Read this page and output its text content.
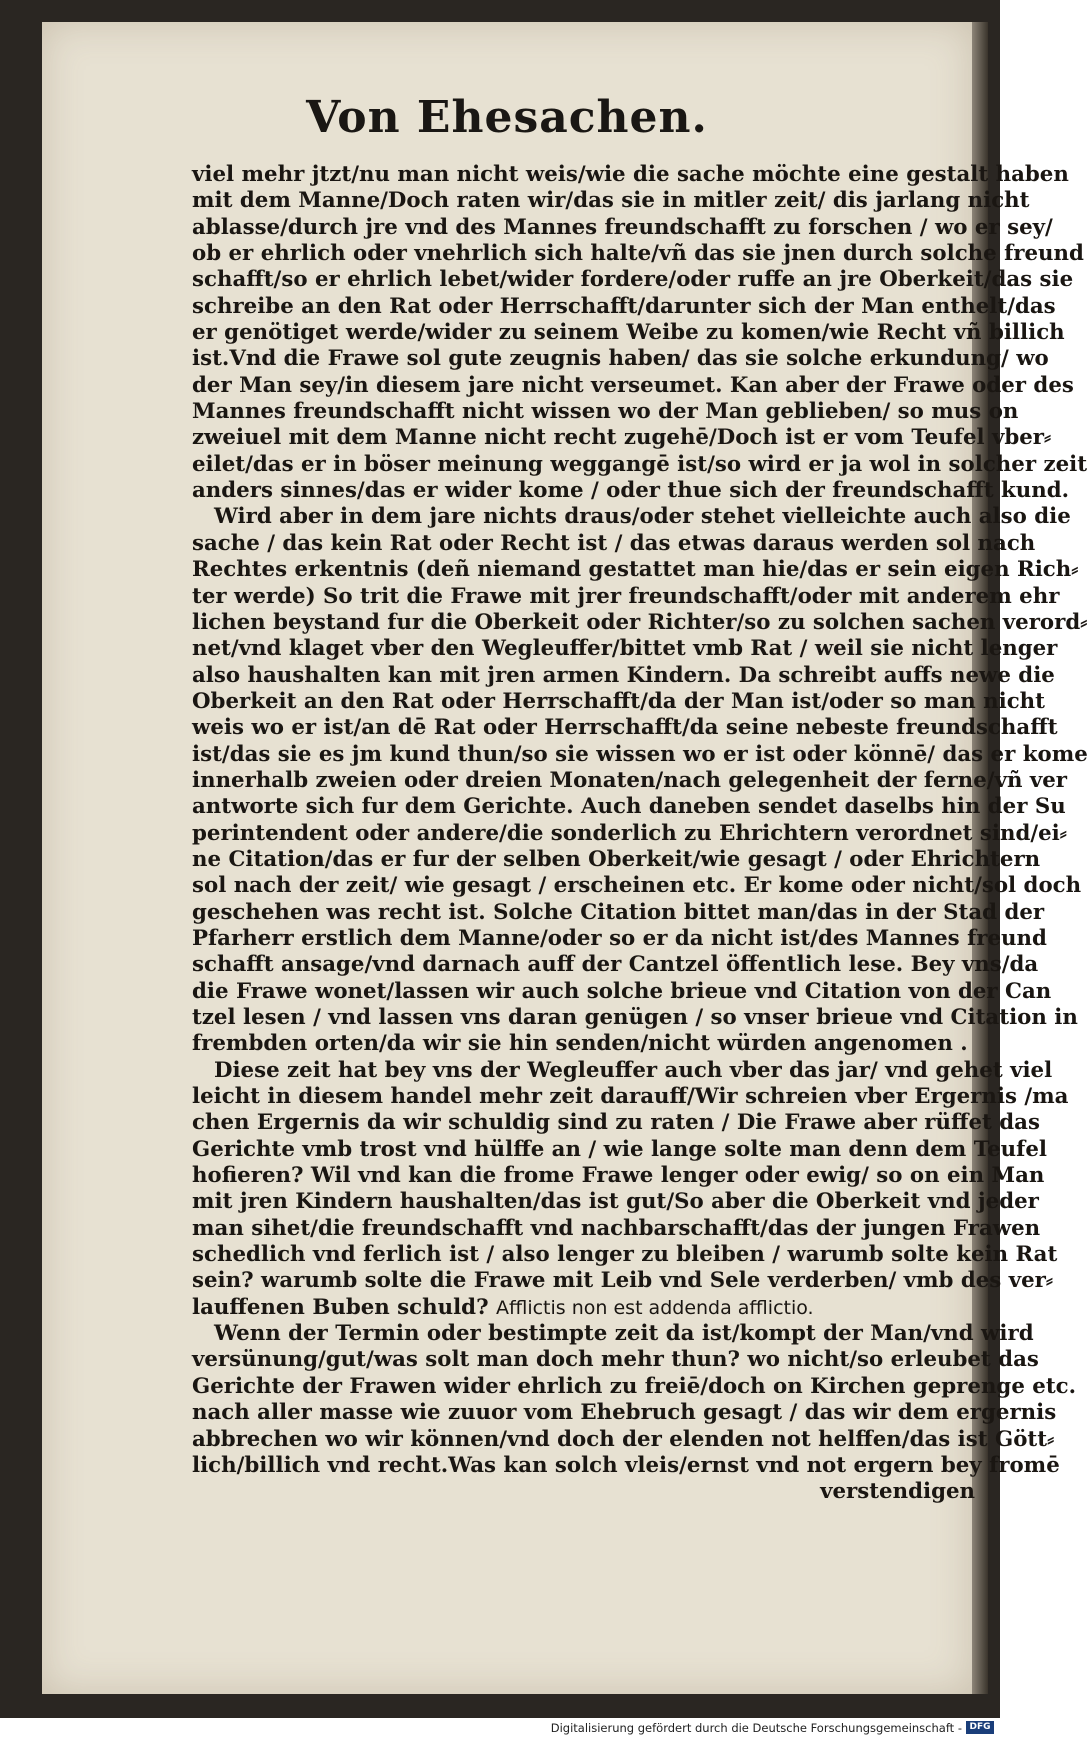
Von Ehesachen.
viel mehr jtzt/nu man nicht weis/wie die sache möchte eine gestalt haben
mit dem Manne/Doch raten wir/das sie in mitler zeit/ dis jarlang nicht
ablasse/durch jre vnd des Mannes freundschafft zu forschen / wo er sey/
ob er ehrlich oder vnehrlich sich halte/vñ das sie jnen durch solche freund
schafft/so er ehrlich lebet/wider fordere/oder ruffe an jre Oberkeit/das sie
schreibe an den Rat oder Herrschafft/darunter sich der Man enthelt/das
er genötiget werde/wider zu seinem Weibe zu komen/wie Recht vñ billich
ist.Vnd die Frawe sol gute zeugnis haben/ das sie solche erkundung/ wo
der Man sey/in diesem jare nicht verseumet. Kan aber der Frawe oder des
Mannes freundschafft nicht wissen wo der Man geblieben/ so mus on
zweiuel mit dem Manne nicht recht zugehē/Doch ist er vom Teufel vber⸗
eilet/das er in böser meinung weggangē ist/so wird er ja wol in solcher zeit
anders sinnes/das er wider kome / oder thue sich der freundschafft kund.
Wird aber in dem jare nichts draus/oder stehet vielleichte auch also die
sache / das kein Rat oder Recht ist / das etwas daraus werden sol nach
Rechtes erkentnis (deñ niemand gestattet man hie/das er sein eigen Rich⸗
ter werde) So trit die Frawe mit jrer freundschafft/oder mit anderem ehr
lichen beystand fur die Oberkeit oder Richter/so zu solchen sachen verord⸗
net/vnd klaget vber den Wegleuffer/bittet vmb Rat / weil sie nicht lenger
also haushalten kan mit jren armen Kindern. Da schreibt auffs newe die
Oberkeit an den Rat oder Herrschafft/da der Man ist/oder so man nicht
weis wo er ist/an dē Rat oder Herrschafft/da seine nebeste freundschafft
ist/das sie es jm kund thun/so sie wissen wo er ist oder könnē/ das er kome
innerhalb zweien oder dreien Monaten/nach gelegenheit der ferne/vñ ver
antworte sich fur dem Gerichte. Auch daneben sendet daselbs hin der Su
perintendent oder andere/die sonderlich zu Ehrichtern verordnet sind/ei⸗
ne Citation/das er fur der selben Oberkeit/wie gesagt / oder Ehrichtern
sol nach der zeit/ wie gesagt / erscheinen etc. Er kome oder nicht/sol doch
geschehen was recht ist. Solche Citation bittet man/das in der Stad der
Pfarherr erstlich dem Manne/oder so er da nicht ist/des Mannes freund
schafft ansage/vnd darnach auff der Cantzel öffentlich lese. Bey vns/da
die Frawe wonet/lassen wir auch solche brieue vnd Citation von der Can
tzel lesen / vnd lassen vns daran genügen / so vnser brieue vnd Citation in
frembden orten/da wir sie hin senden/nicht würden angenomen .
Diese zeit hat bey vns der Wegleuffer auch vber das jar/ vnd gehet viel
leicht in diesem handel mehr zeit darauff/Wir schreien vber Ergernis /ma
chen Ergernis da wir schuldig sind zu raten / Die Frawe aber rüffet das
Gerichte vmb trost vnd hülffe an / wie lange solte man denn dem Teufel
hofieren? Wil vnd kan die frome Frawe lenger oder ewig/ so on ein Man
mit jren Kindern haushalten/das ist gut/So aber die Oberkeit vnd jeder
man sihet/die freundschafft vnd nachbarschafft/das der jungen Frawen
schedlich vnd ferlich ist / also lenger zu bleiben / warumb solte kein Rat
sein? warumb solte die Frawe mit Leib vnd Sele verderben/ vmb des ver⸗
lauffenen Buben schuld? Afflictis non est addenda afflictio.
Wenn der Termin oder bestimpte zeit da ist/kompt der Man/vnd wird
versünung/gut/was solt man doch mehr thun? wo nicht/so erleubet das
Gerichte der Frawen wider ehrlich zu freiē/doch on Kirchen geprenge etc.
nach aller masse wie zuuor vom Ehebruch gesagt / das wir dem ergernis
abbrechen wo wir können/vnd doch der elenden not helffen/das ist Gött⸗
lich/billich vnd recht.Was kan solch vleis/ernst vnd not ergern bey fromē
verstendigen
Digitalisierung gefördert durch die Deutsche Forschungsgemeinschaft - DFG
